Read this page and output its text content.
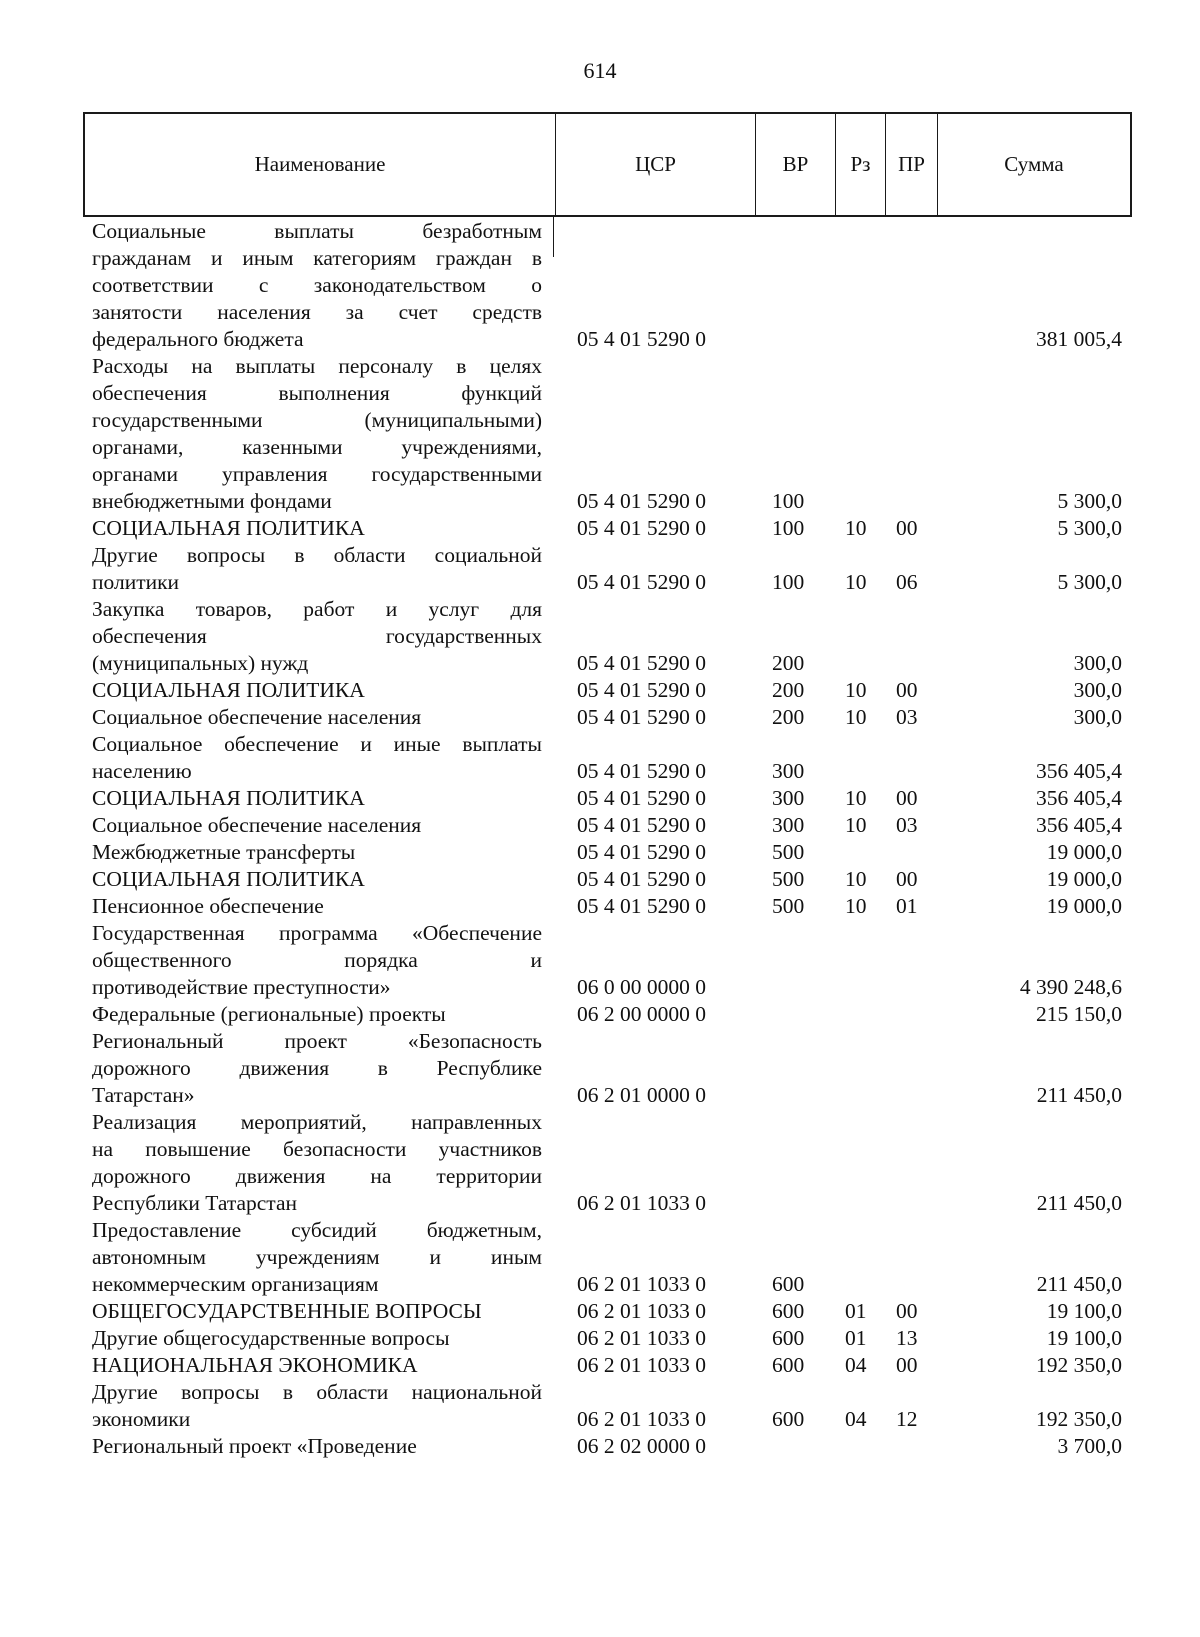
614
Наименование	ЦСР	ВР	Рз	ПР	Сумма
Социальные выплаты безработным
гражданам и иным категориям граждан в
соответствии с законодательством о
занятости населения за счет средств
федерального бюджета	05 4 01 5290 0	381 005,4
Расходы на выплаты персоналу в целях
обеспечения выполнения функций
государственными (муниципальными)
органами, казенными учреждениями,
органами управления государственными
внебюджетными фондами	05 4 01 5290 0	100	5 300,0
СОЦИАЛЬНАЯ ПОЛИТИКА	05 4 01 5290 0	100 10 00	5 300,0
Другие вопросы в области социальной
политики	05 4 01 5290 0	100 10 06	5 300,0
Закупка товаров, работ и услуг для
обеспечения государственных
(муниципальных) нужд	05 4 01 5290 0	200	300,0
СОЦИАЛЬНАЯ ПОЛИТИКА	05 4 01 5290 0	200 10 00	300,0
Социальное обеспечение населения	05 4 01 5290 0	200 10 03	300,0
Социальное обеспечение и иные выплаты
населению	05 4 01 5290 0	300	356 405,4
СОЦИАЛЬНАЯ ПОЛИТИКА	05 4 01 5290 0	300 10 00	356 405,4
Социальное обеспечение населения	05 4 01 5290 0	300 10 03	356 405,4
Межбюджетные трансферты	05 4 01 5290 0	500	19 000,0
СОЦИАЛЬНАЯ ПОЛИТИКА	05 4 01 5290 0	500 10 00	19 000,0
Пенсионное обеспечение	05 4 01 5290 0	500 10 01	19 000,0
Государственная программа «Обеспечение
общественного порядка и
противодействие преступности»	06 0 00 0000 0	4 390 248,6
Федеральные (региональные) проекты	06 2 00 0000 0	215 150,0
Региональный проект «Безопасность
дорожного движения в Республике
Татарстан»	06 2 01 0000 0	211 450,0
Реализация мероприятий, направленных
на повышение безопасности участников
дорожного движения на территории
Республики Татарстан	06 2 01 1033 0	211 450,0
Предоставление субсидий бюджетным,
автономным учреждениям и иным
некоммерческим организациям	06 2 01 1033 0	600	211 450,0
ОБЩЕГОСУДАРСТВЕННЫЕ ВОПРОСЫ	06 2 01 1033 0	600 01 00	19 100,0
Другие общегосударственные вопросы	06 2 01 1033 0	600 01 13	19 100,0
НАЦИОНАЛЬНАЯ ЭКОНОМИКА	06 2 01 1033 0	600 04 00	192 350,0
Другие вопросы в области национальной
экономики	06 2 01 1033 0	600 04 12	192 350,0
Региональный проект «Проведение	06 2 02 0000 0	3 700,0
